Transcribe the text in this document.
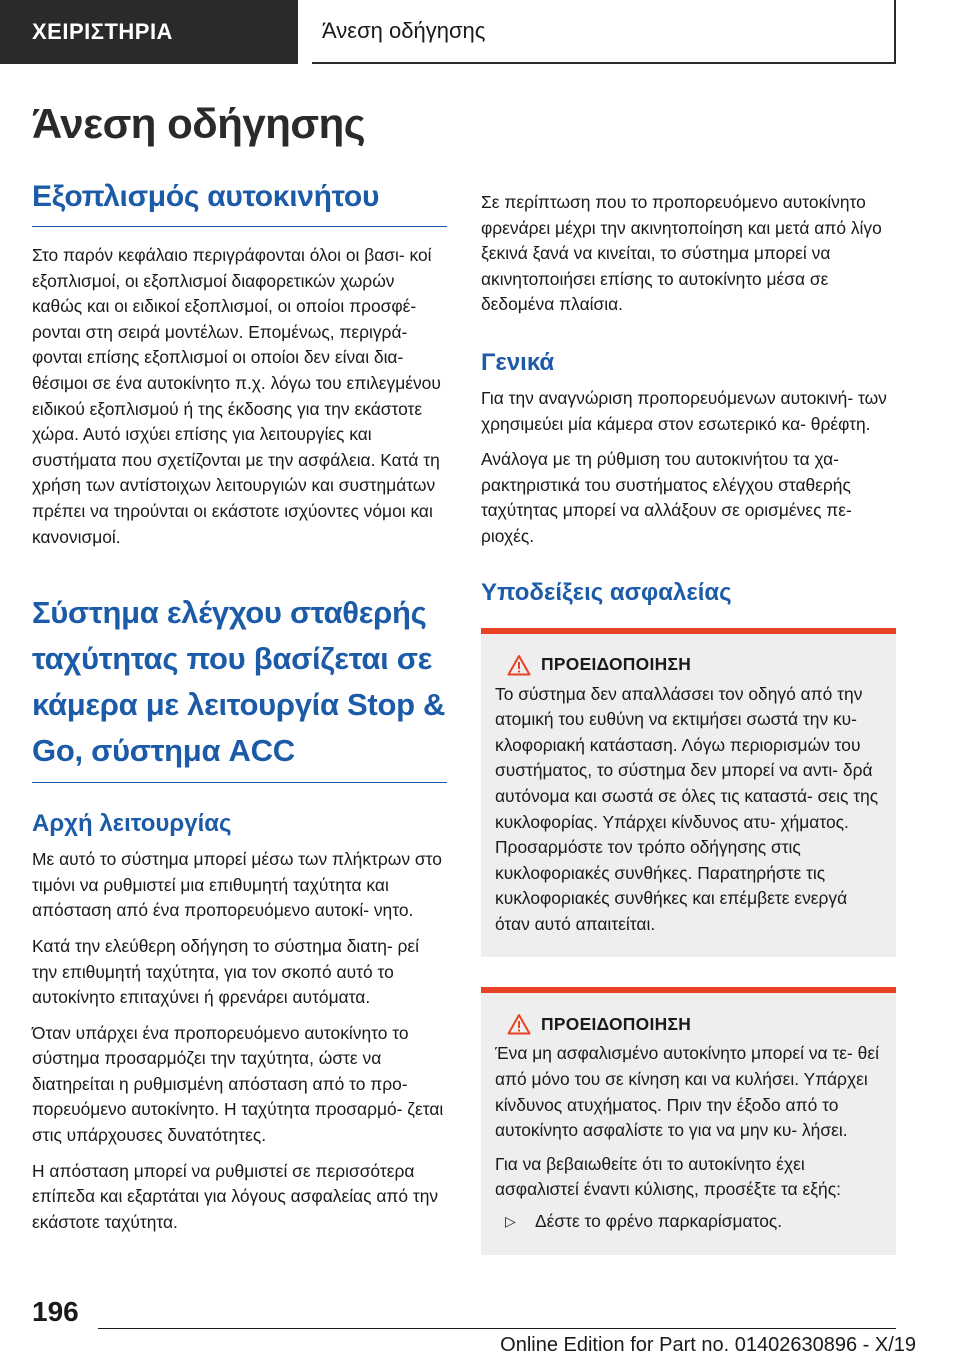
ΧΕΙΡΙΣΤΗΡΙΑ	Άνεση οδήγησης
Άνεση οδήγησης
Εξοπλισμός αυτοκινήτου

Στο παρόν κεφάλαιο περιγράφονται όλοι οι βασι‐ κοί εξοπλισμοί, οι εξοπλισμοί διαφορετικών χωρών καθώς και οι ειδικοί εξοπλισμοί, οι οποίοι προσφέ‐ ρονται στη σειρά μοντέλων. Επομένως, περιγρά‐ φονται επίσης εξοπλισμοί οι οποίοι δεν είναι δια‐ θέσιμοι σε ένα αυτοκίνητο π.χ. λόγω του επιλεγμένου ειδικού εξοπλισμού ή της έκδοσης για την εκάστοτε χώρα. Αυτό ισχύει επίσης για λειτουργίες και συστήματα που σχετίζονται με την ασφάλεια. Κατά τη χρήση των αντίστοιχων λειτουργιών και συστημάτων πρέπει να τηρούνται οι εκάστοτε ισχύοντες νόμοι και κανονισμοί.

Σύστημα ελέγχου σταθερής ταχύτητας που βασίζεται σε κάμερα με λειτουργία Stop & Go, σύστημα ACC
Αρχή λειτουργίας

Με αυτό το σύστημα μπορεί μέσω των πλήκτρων στο τιμόνι να ρυθμιστεί μια επιθυμητή ταχύτητα και απόσταση από ένα προπορευόμενο αυτοκί‐ νητο.

Κατά την ελεύθερη οδήγηση το σύστημα διατη‐ ρεί την επιθυμητή ταχύτητα, για τον σκοπό αυτό το αυτοκίνητο επιταχύνει ή φρενάρει αυτόματα.

Όταν υπάρχει ένα προπορευόμενο αυτοκίνητο το σύστημα προσαρμόζει την ταχύτητα, ώστε να διατηρείται η ρυθμισμένη απόσταση από το προ‐ πορευόμενο αυτοκίνητο. Η ταχύτητα προσαρμό‐ ζεται στις υπάρχουσες δυνατότητες.

Η απόσταση μπορεί να ρυθμιστεί σε περισσότερα επίπεδα και εξαρτάται για λόγους ασφαλείας από την εκάστοτε ταχύτητα.

Σε περίπτωση που το προπορευόμενο αυτοκίνητο φρενάρει μέχρι την ακινητοποίηση και μετά από λίγο ξεκινά ξανά να κινείται, το σύστημα μπορεί να ακινητοποιήσει επίσης το αυτοκίνητο μέσα σε δεδομένα πλαίσια.

Γενικά

Για την αναγνώριση προπορευόμενων αυτοκινή‐ των χρησιμεύει μία κάμερα στον εσωτερικό κα‐ θρέφτη.

Ανάλογα με τη ρύθμιση του αυτοκινήτου τα χα‐ ρακτηριστικά του συστήματος ελέγχου σταθερής ταχύτητας μπορεί να αλλάξουν σε ορισμένες πε‐ ριοχές.

Υποδείξεις ασφαλείας
ΠΡΟΕΙΔΟΠΟΙΗΣΗ

Το σύστημα δεν απαλλάσσει τον οδηγό από την ατομική του ευθύνη να εκτιμήσει σωστά την κυ‐ κλοφοριακή κατάσταση. Λόγω περιορισμών του συστήματος, το σύστημα δεν μπορεί να αντι‐ δρά αυτόνομα και σωστά σε όλες τις καταστά‐ σεις της κυκλοφορίας. Υπάρχει κίνδυνος ατυ‐ χήματος. Προσαρμόστε τον τρόπο οδήγησης στις κυκλοφοριακές συνθήκες. Παρατηρήστε τις κυκλοφοριακές συνθήκες και επέμβετε ενεργά όταν αυτό απαιτείται.

ΠΡΟΕΙΔΟΠΟΙΗΣΗ

Ένα μη ασφαλισμένο αυτοκίνητο μπορεί να τε‐ θεί από μόνο του σε κίνηση και να κυλήσει. Υπάρχει κίνδυνος ατυχήματος. Πριν την έξοδο από το αυτοκίνητο ασφαλίστε το για να μην κυ‐ λήσει.

Για να βεβαιωθείτε ότι το αυτοκίνητο έχει ασφαλιστεί έναντι κύλισης, προσέξτε τα εξής:

▷	Δέστε το φρένο παρκαρίσματος.

196
Online Edition for Part no. 01402630896 - X/19
